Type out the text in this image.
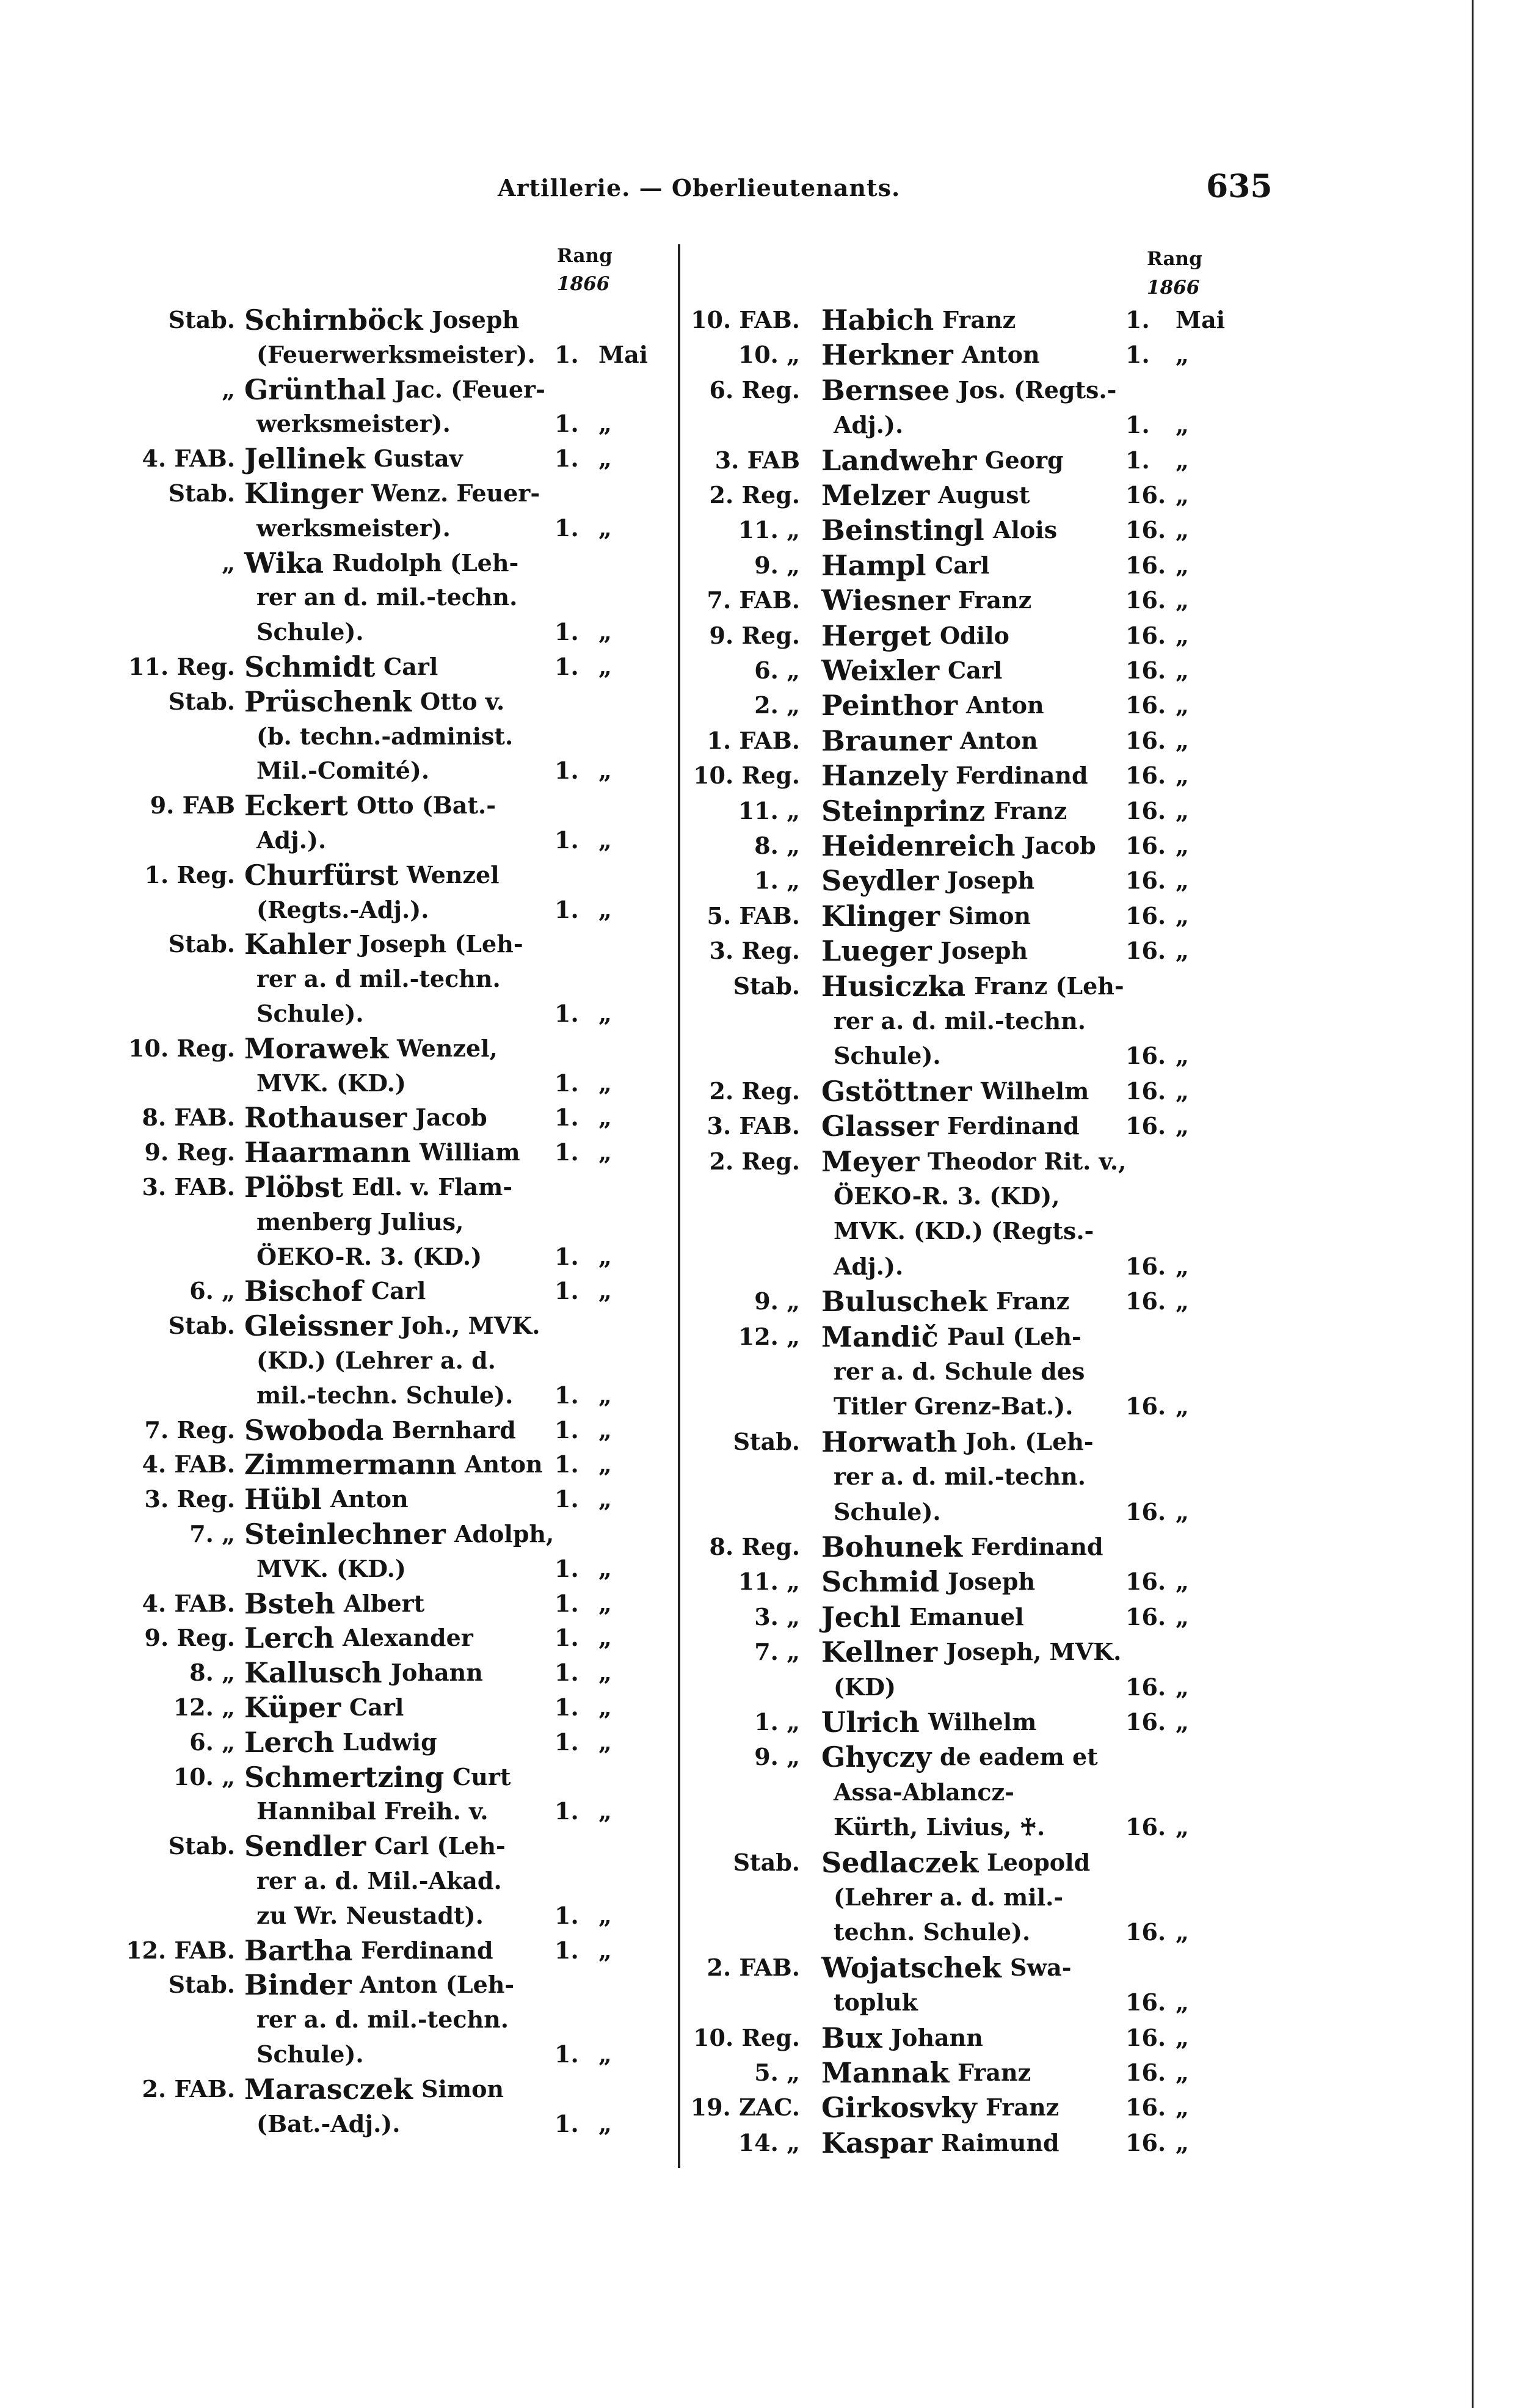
Artillerie. — Oberlieutenants.	635
Rang
1866
Rang
1866
Stab. Schirnböck Joseph
(Feuerwerksmeister). 1. Mai
„ Grünthal Jac. (Feuer-
werksmeister).	1. „
4. FAB. Jellinek Gustav	1. „
Stab. Klinger Wenz. Feuer-
werksmeister).	1. „
„ Wika Rudolph (Leh-
rer an d. mil.-techn.
Schule).	1. „
11. Reg. Schmidt Carl	1. „
Stab. Prüschenk Otto v.
(b. techn.-administ.
Mil.-Comité).	1. „
9. FAB Eckert Otto (Bat.-
Adj.).	1. „
1. Reg. Churfürst Wenzel
(Regts.-Adj.).	1. „
Stab. Kahler Joseph (Leh-
rer a. d mil.-techn.
Schule).	1. „
10. Reg. Morawek Wenzel,
MVK. (KD.)	1. „
8. FAB. Rothauser Jacob	1. „
9. Reg. Haarmann William 1. „
3. FAB. Plöbst Edl. v. Flam-
menberg Julius,
ÖEKO-R. 3. (KD.)	1. „
6. „ Bischof Carl	1. „
Stab. Gleissner Joh., MVK.
(KD.) (Lehrer a. d.
mil.-techn. Schule). 1. „
7. Reg. Swoboda Bernhard 1. „
4. FAB. Zimmermann Anton 1. „
3. Reg. Hübl Anton	1. „
7. „ Steinlechner Adolph,
MVK. (KD.)	1. „
4. FAB. Bsteh Albert	1. „
9. Reg. Lerch Alexander	1. „
8. „ Kallusch Johann	1. „
12. „ Küper Carl	1. „
6. „ Lerch Ludwig	1. „
10. „ Schmertzing Curt
Hannibal Freih. v.	1. „
Stab. Sendler Carl (Leh-
rer a. d. Mil.-Akad.
zu Wr. Neustadt).	1. „
12. FAB. Bartha Ferdinand	1. „
Stab. Binder Anton (Leh-
rer a. d. mil.-techn.
Schule).	1. „
2. FAB. Marasczek Simon
(Bat.-Adj.).	1. „
10. FAB. Habich Franz	1. Mai
10. „ Herkner Anton	1. „
6. Reg. Bernsee Jos. (Regts.-
Adj.).	1. „
3. FAB Landwehr Georg	1. „
2. Reg. Melzer August	16. „
11. „ Beinstingl Alois	16. „
9. „ Hampl Carl	16. „
7. FAB. Wiesner Franz	16. „
9. Reg. Herget Odilo	16. „
6. „ Weixler Carl	16. „
2. „ Peinthor Anton	16. „
1. FAB. Brauner Anton	16. „
10. Reg. Hanzely Ferdinand 16. „
11. „ Steinprinz Franz	16. „
8. „ Heidenreich Jacob 16. „
1. „ Seydler Joseph	16. „
5. FAB. Klinger Simon	16. „
3. Reg. Lueger Joseph	16. „
Stab. Husiczka Franz (Leh-
rer a. d. mil.-techn.
Schule).	16. „
2. Reg. Gstöttner Wilhelm 16. „
3. FAB. Glasser Ferdinand 16. „
2. Reg. Meyer Theodor Rit. v.,
ÖEKO-R. 3. (KD),
MVK. (KD.) (Regts.-
Adj.).	16. „
9. „ Buluschek Franz 16. „
12. „ Mandič Paul (Leh-
rer a. d. Schule des
Titler Grenz-Bat.). 16. „
Stab. Horwath Joh. (Leh-
rer a. d. mil.-techn.
Schule).	16. „
8. Reg. Bohunek Ferdinand
11. „ Schmid Joseph	16. „
3. „ Jechl Emanuel	16. „
7. „ Kellner Joseph, MVK.
(KD)	16. „
1. „ Ulrich Wilhelm	16. „
9. „ Ghyczy de eadem et
Assa-Ablancz-
Kürth, Livius, ♰.	16. „
Stab. Sedlaczek Leopold
(Lehrer a. d. mil.-
techn. Schule).	16. „
2. FAB. Wojatschek Swa-
topluk	16. „
10. Reg. Bux Johann	16. „
5. „ Mannak Franz	16. „
19. ZAC. Girkosvky Franz	16. „
14. „ Kaspar Raimund	16. „
